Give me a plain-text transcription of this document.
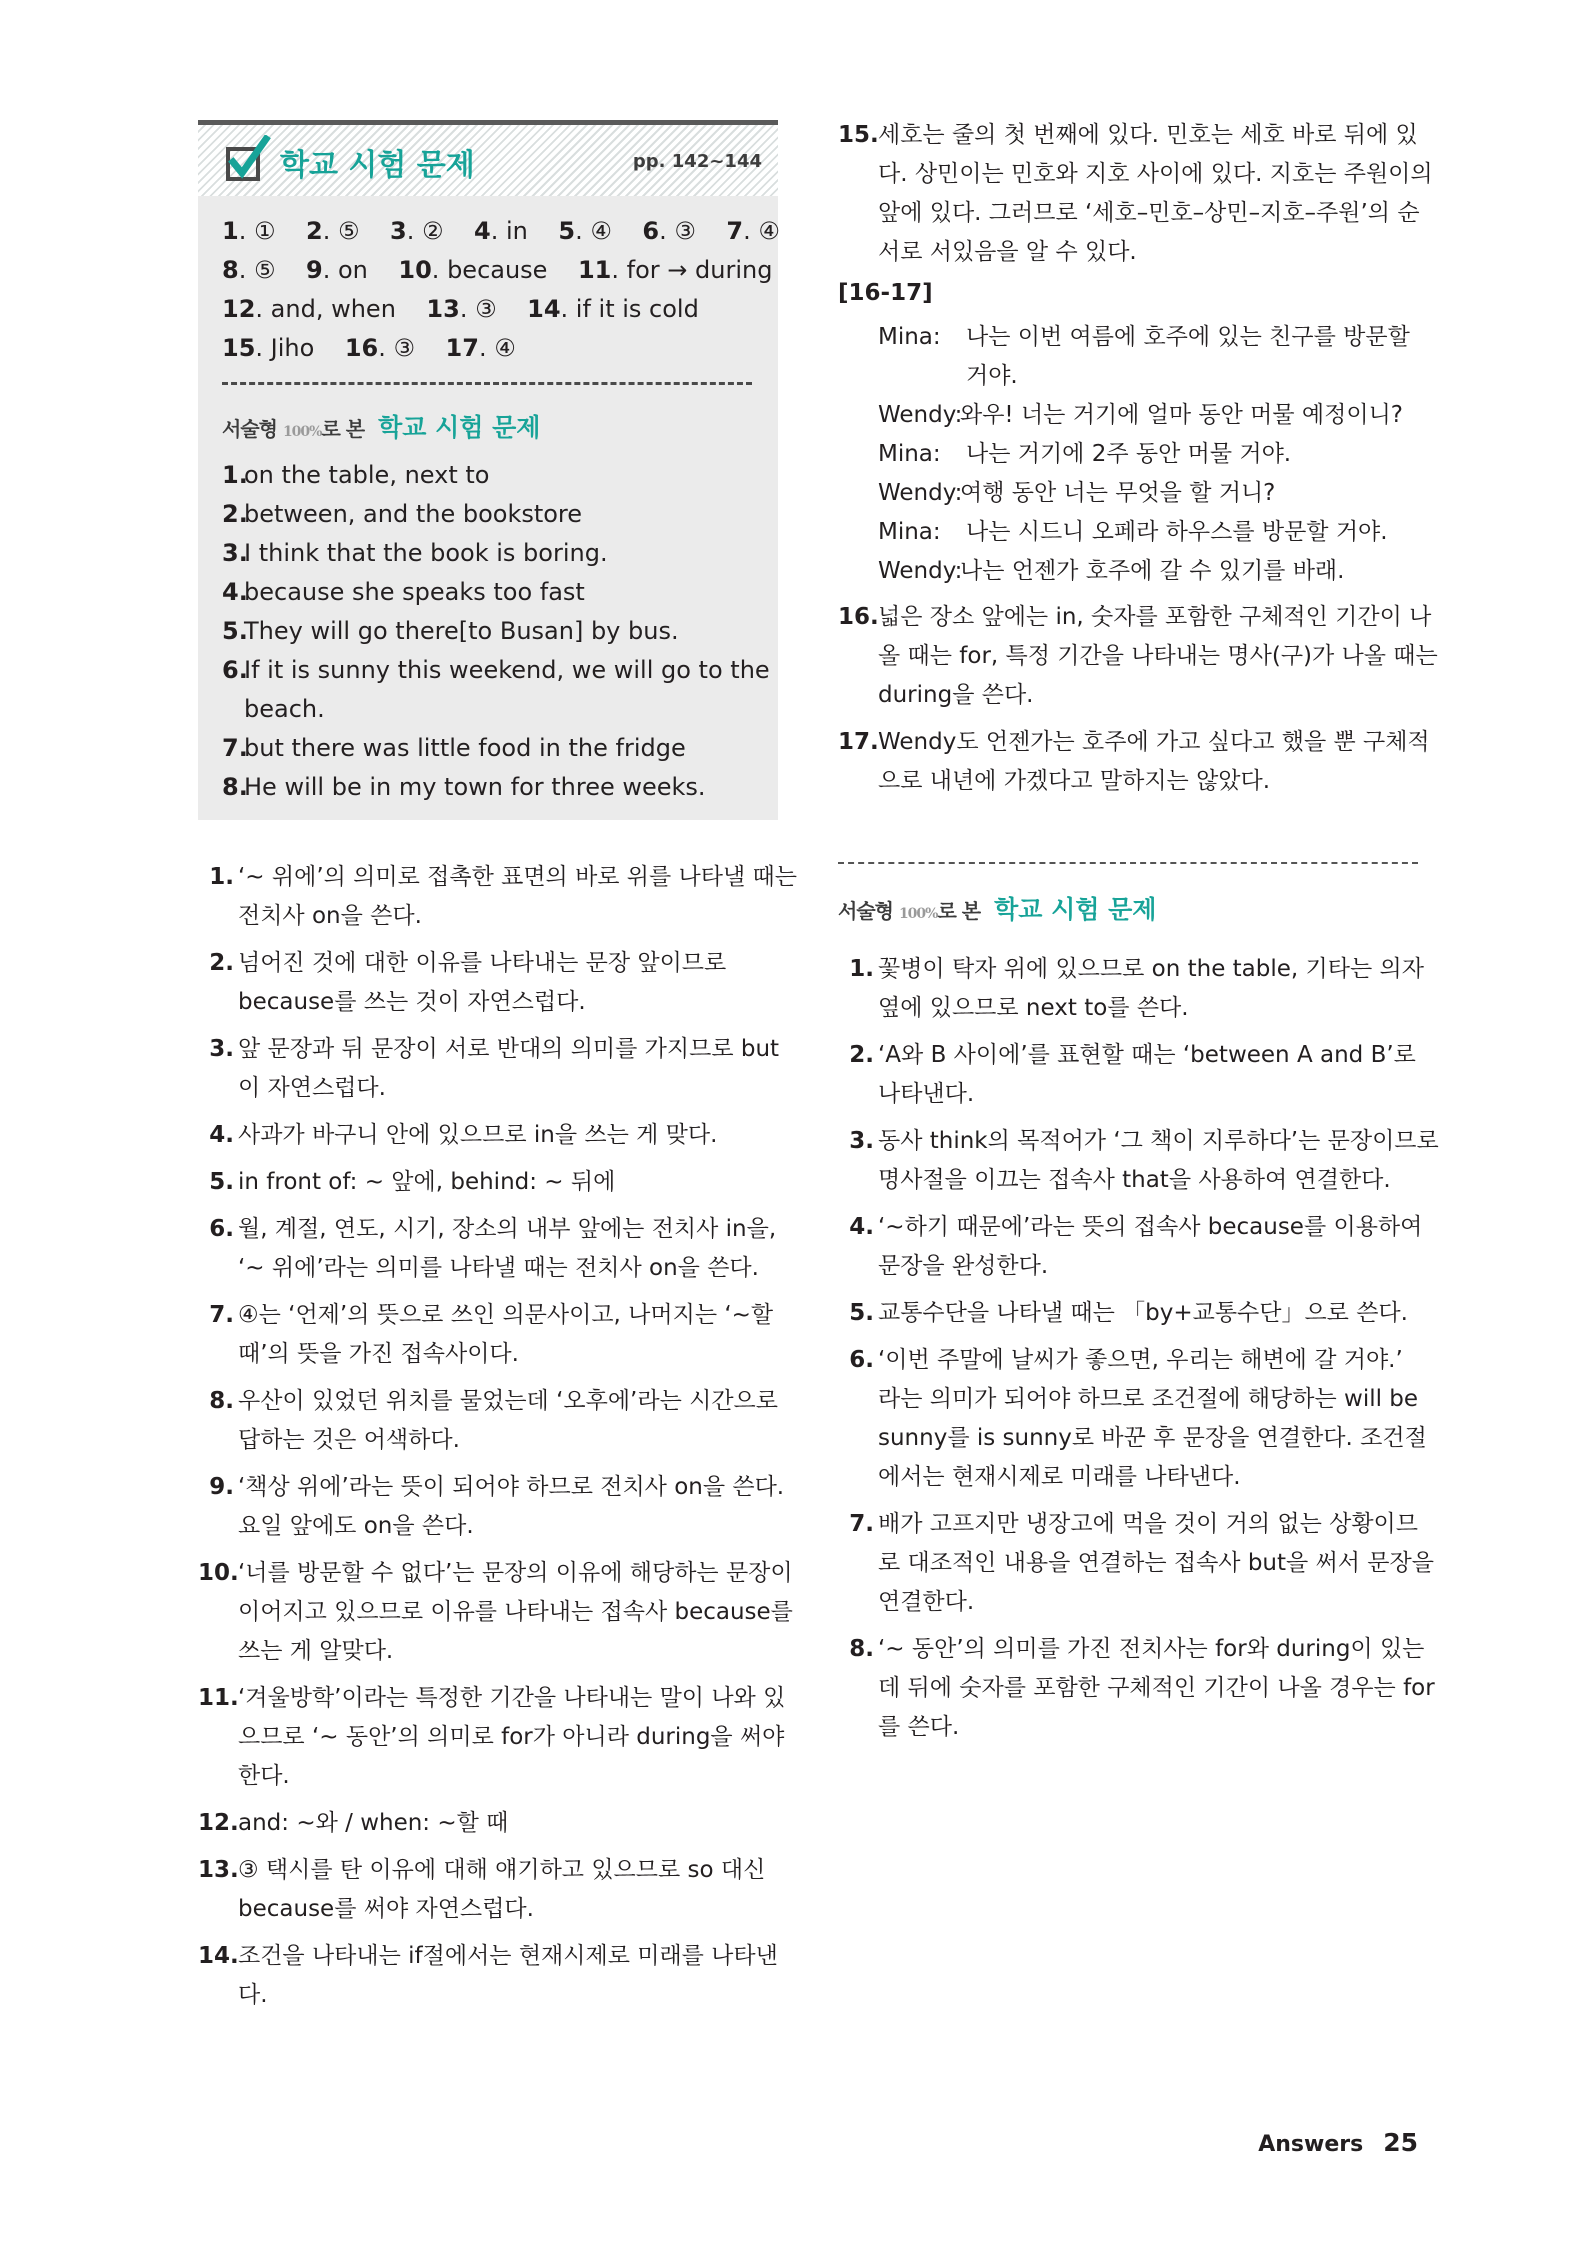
학교 시험 문제	pp. 142~144
1. ① 2. ⑤ 3. ② 4. in 5. ④ 6. ③ 7. ④
8. ⑤ 9. on 10. because 11. for → during
12. and, when 13. ③ 14. if it is cold
15. Jiho 16. ③ 17. ④
서술형 100%로 본 학교 시험 문제
1.
on the table, next to
2.
between, and the bookstore
3.
I think that the book is boring.
4.
because she speaks too fast
5.
They will go there[to Busan] by bus.
6.
If it is sunny this weekend, we will go to the
beach.
7.
but there was little food in the fridge
8.
He will be in my town for three weeks.
1. ‘~ 위에’의 의미로 접촉한 표면의 바로 위를 나타낼 때는
전치사 on을 쓴다.
2. 넘어진 것에 대한 이유를 나타내는 문장 앞이므로
because를 쓰는 것이 자연스럽다.
3. 앞 문장과 뒤 문장이 서로 반대의 의미를 가지므로 but
이 자연스럽다.
4. 사과가 바구니 안에 있으므로 in을 쓰는 게 맞다.
5. in front of: ~ 앞에, behind: ~ 뒤에
6. 월, 계절, 연도, 시기, 장소의 내부 앞에는 전치사 in을,
‘~ 위에’라는 의미를 나타낼 때는 전치사 on을 쓴다.
7. ④는 ‘언제’의 뜻으로 쓰인 의문사이고, 나머지는 ‘~할
때’의 뜻을 가진 접속사이다.
8. 우산이 있었던 위치를 물었는데 ‘오후에’라는 시간으로
답하는 것은 어색하다.
9. ‘책상 위에’라는 뜻이 되어야 하므로 전치사 on을 쓴다.
요일 앞에도 on을 쓴다.
10. ‘너를 방문할 수 없다’는 문장의 이유에 해당하는 문장이
이어지고 있으므로 이유를 나타내는 접속사 because를
쓰는 게 알맞다.
11. ‘겨울방학’이라는 특정한 기간을 나타내는 말이 나와 있
으므로 ‘~ 동안’의 의미로 for가 아니라 during을 써야
한다.
12. and: ~와 / when: ~할 때
13. ③ 택시를 탄 이유에 대해 얘기하고 있으므로 so 대신
because를 써야 자연스럽다.
14. 조건을 나타내는 if절에서는 현재시제로 미래를 나타낸
다.
15. 세호는 줄의 첫 번째에 있다. 민호는 세호 바로 뒤에 있
다. 상민이는 민호와 지호 사이에 있다. 지호는 주원이의
앞에 있다. 그러므로 ‘세호–민호–상민–지호–주원’의 순
서로 서있음을 알 수 있다.
[16-17]
Mina:	나는 이번 여름에 호주에 있는 친구를 방문할
거야.
Wendy:
와우! 너는 거기에 얼마 동안 머물 예정이니?
Mina:	나는 거기에 2주 동안 머물 거야.
Wendy:
여행 동안 너는 무엇을 할 거니?
Mina:	나는 시드니 오페라 하우스를 방문할 거야.
Wendy:
나는 언젠가 호주에 갈 수 있기를 바래.
16. 넓은 장소 앞에는 in, 숫자를 포함한 구체적인 기간이 나
올 때는 for, 특정 기간을 나타내는 명사(구)가 나올 때는
during을 쓴다.
17. Wendy도 언젠가는 호주에 가고 싶다고 했을 뿐 구체적
으로 내년에 가겠다고 말하지는 않았다.
서술형 100%로 본 학교 시험 문제
1. 꽃병이 탁자 위에 있으므로 on the table, 기타는 의자
옆에 있으므로 next to를 쓴다.
2. ‘A와 B 사이에’를 표현할 때는 ‘between A and B’로
나타낸다.
3. 동사 think의 목적어가 ‘그 책이 지루하다’는 문장이므로
명사절을 이끄는 접속사 that을 사용하여 연결한다.
4. ‘~하기 때문에’라는 뜻의 접속사 because를 이용하여
문장을 완성한다.
5. 교통수단을 나타낼 때는 「by+교통수단」으로 쓴다.
6. ‘이번 주말에 날씨가 좋으면, 우리는 해변에 갈 거야.’
라는 의미가 되어야 하므로 조건절에 해당하는 will be
sunny를 is sunny로 바꾼 후 문장을 연결한다. 조건절
에서는 현재시제로 미래를 나타낸다.
7. 배가 고프지만 냉장고에 먹을 것이 거의 없는 상황이므
로 대조적인 내용을 연결하는 접속사 but을 써서 문장을
연결한다.
8. ‘~ 동안’의 의미를 가진 전치사는 for와 during이 있는
데 뒤에 숫자를 포함한 구체적인 기간이 나올 경우는 for
를 쓴다.
Answers 25
